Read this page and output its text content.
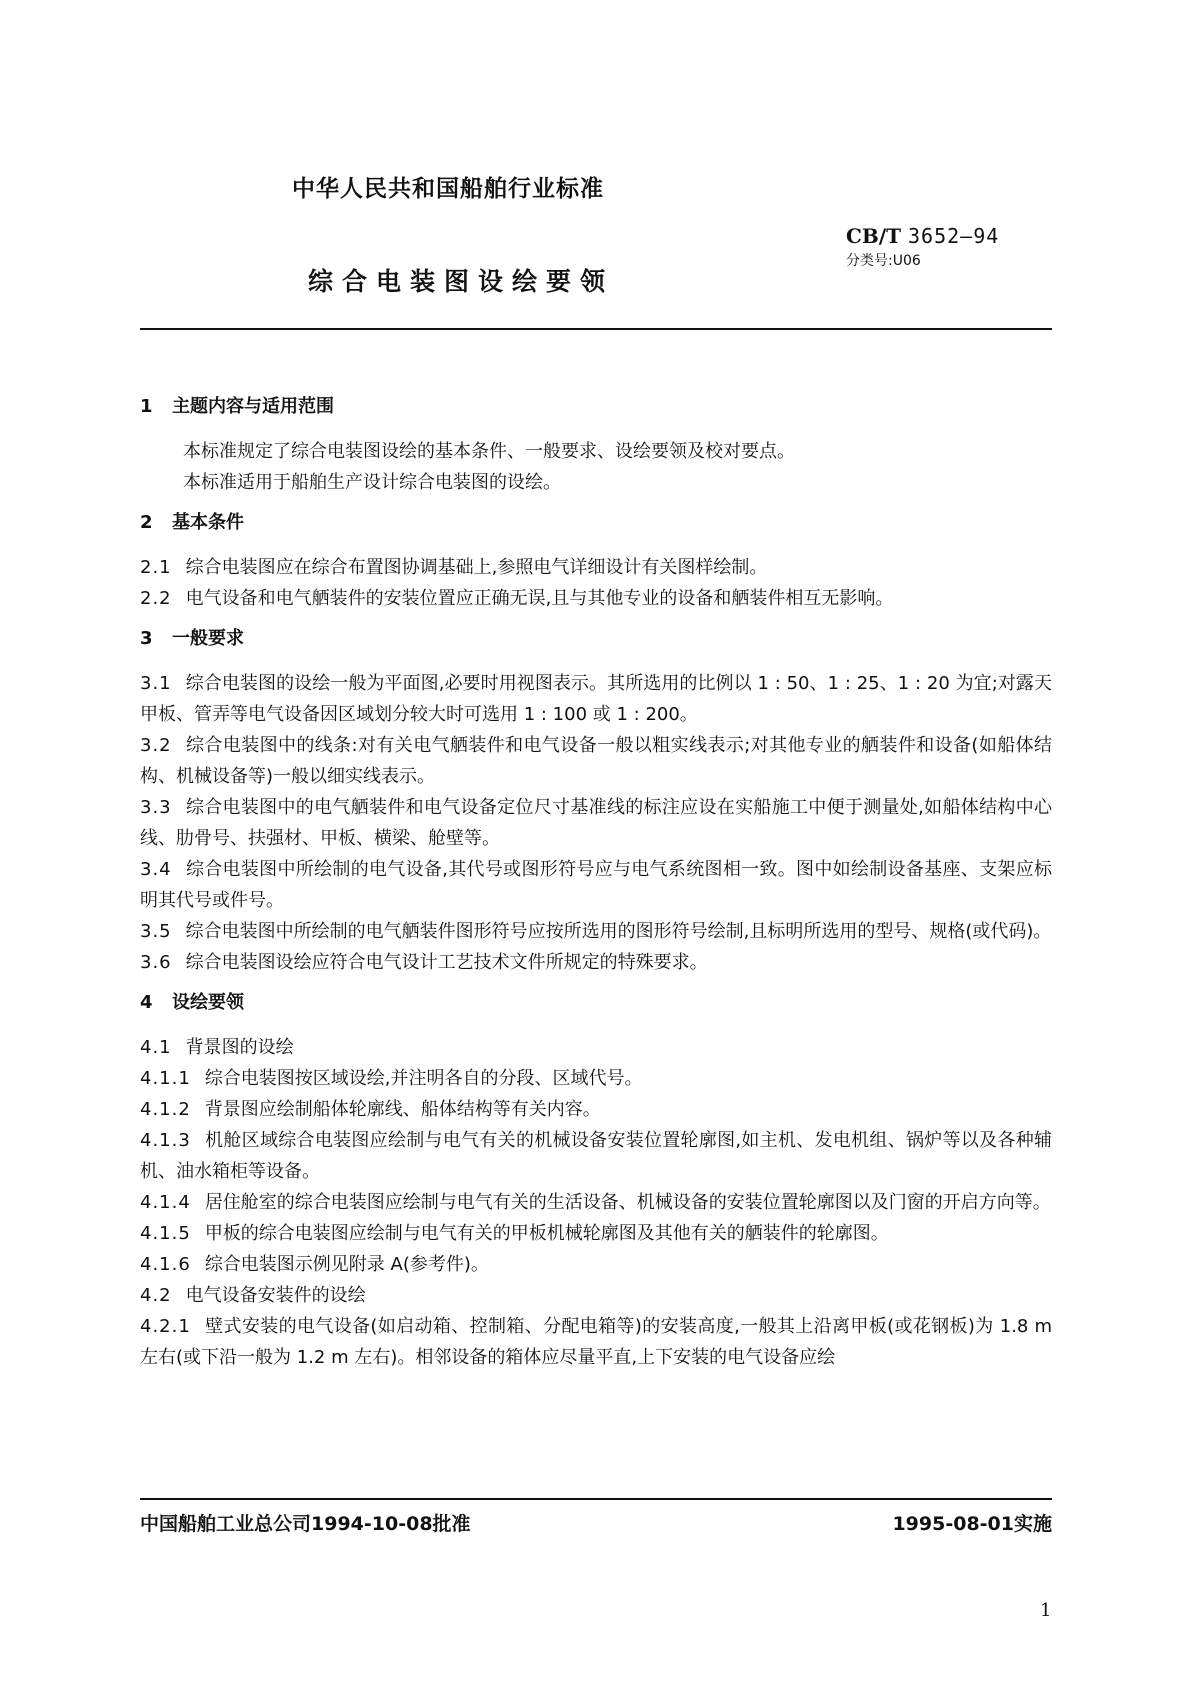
中华人民共和国船舶行业标准
CB/T 3652—94
分类号:U06
综合电装图设绘要领
1 主题内容与适用范围
本标准规定了综合电装图设绘的基本条件、一般要求、设绘要领及校对要点。
本标准适用于船舶生产设计综合电装图的设绘。
2 基本条件
2.1 综合电装图应在综合布置图协调基础上,参照电气详细设计有关图样绘制。
2.2 电气设备和电气舾装件的安装位置应正确无误,且与其他专业的设备和舾装件相互无影响。
3 一般要求
3.1 综合电装图的设绘一般为平面图,必要时用视图表示。其所选用的比例以 1 : 50、1 : 25、1 : 20 为宜;对露天甲板、管弄等电气设备因区域划分较大时可选用 1 : 100 或 1 : 200。
3.2 综合电装图中的线条:对有关电气舾装件和电气设备一般以粗实线表示;对其他专业的舾装件和设备(如船体结构、机械设备等)一般以细实线表示。
3.3 综合电装图中的电气舾装件和电气设备定位尺寸基准线的标注应设在实船施工中便于测量处,如船体结构中心线、肋骨号、扶强材、甲板、横梁、舱壁等。
3.4 综合电装图中所绘制的电气设备,其代号或图形符号应与电气系统图相一致。图中如绘制设备基座、支架应标明其代号或件号。
3.5 综合电装图中所绘制的电气舾装件图形符号应按所选用的图形符号绘制,且标明所选用的型号、规格(或代码)。
3.6 综合电装图设绘应符合电气设计工艺技术文件所规定的特殊要求。
4 设绘要领
4.1 背景图的设绘
4.1.1 综合电装图按区域设绘,并注明各自的分段、区域代号。
4.1.2 背景图应绘制船体轮廓线、船体结构等有关内容。
4.1.3 机舱区域综合电装图应绘制与电气有关的机械设备安装位置轮廓图,如主机、发电机组、锅炉等以及各种辅机、油水箱柜等设备。
4.1.4 居住舱室的综合电装图应绘制与电气有关的生活设备、机械设备的安装位置轮廓图以及门窗的开启方向等。
4.1.5 甲板的综合电装图应绘制与电气有关的甲板机械轮廓图及其他有关的舾装件的轮廓图。
4.1.6 综合电装图示例见附录 A(参考件)。
4.2 电气设备安装件的设绘
4.2.1 壁式安装的电气设备(如启动箱、控制箱、分配电箱等)的安装高度,一般其上沿离甲板(或花钢板)为 1.8 m 左右(或下沿一般为 1.2 m 左右)。相邻设备的箱体应尽量平直,上下安装的电气设备应绘
中国船舶工业总公司1994-10-08批准	1995-08-01实施
1
